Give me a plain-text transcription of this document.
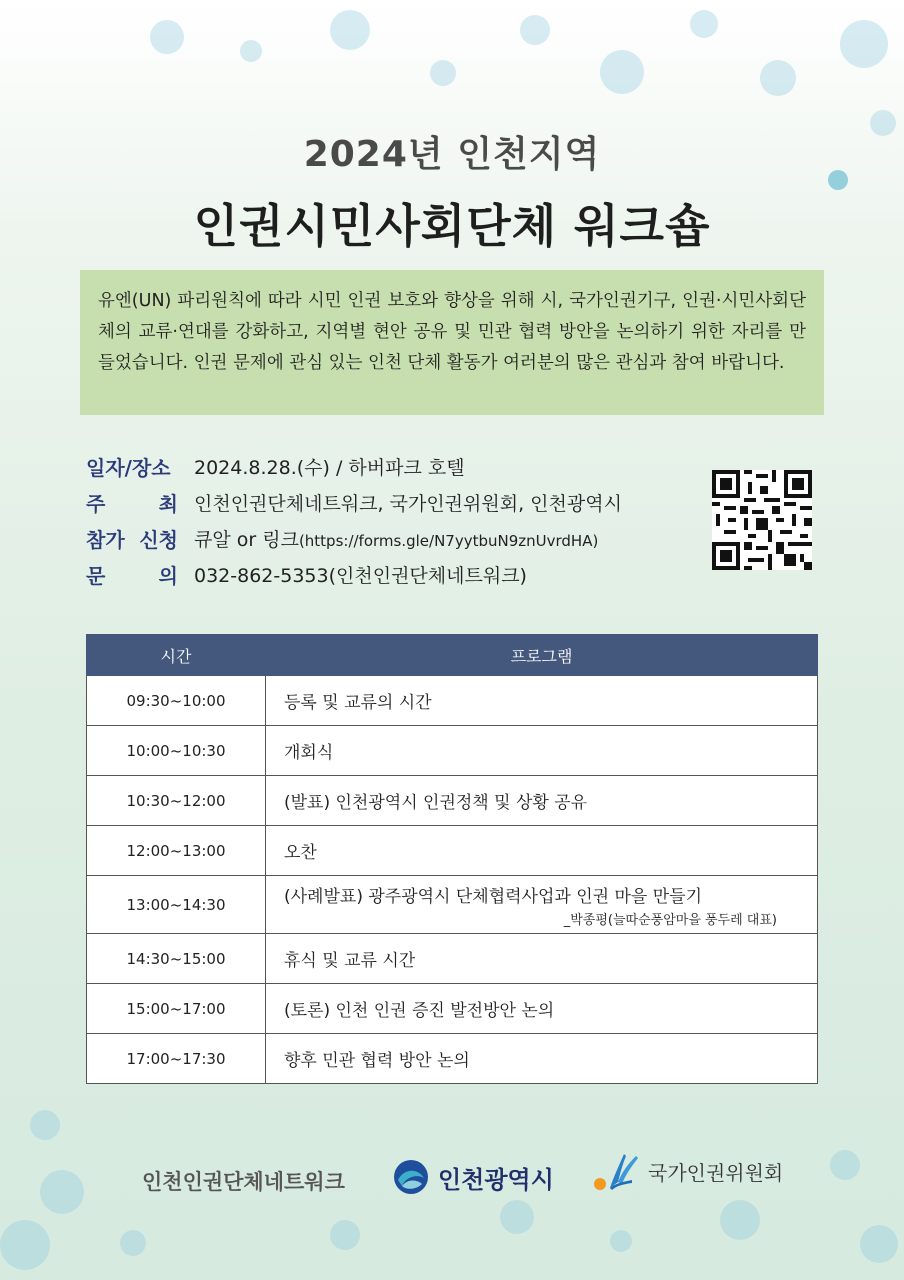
2024년 인천지역
인권시민사회단체 워크숍
유엔(UN) 파리원칙에 따라 시민 인권 보호와 향상을 위해 시, 국가인권기구, 인권·시민사회단체의 교류·연대를 강화하고, 지역별 현안 공유 및 민관 협력 방안을 논의하기 위한 자리를 만들었습니다. 인권 문제에 관심 있는 인천 단체 활동가 여러분의 많은 관심과 참여 바랍니다.
일자/장소	2024.8.28.(수) / 하버파크 호텔
주 최 인천인권단체네트워크, 국가인권위원회, 인천광역시
참가 신청 큐알 or 링크(https://forms.gle/N7yytbuN9znUvrdHA)
문 의 032-862-5353(인천인권단체네트워크)
시간	프로그램
09:30~10:00	등록 및 교류의 시간
10:00~10:30	개회식
10:30~12:00	(발표) 인천광역시 인권정책 및 상황 공유
12:00~13:00	오찬
13:00~14:30	(사례발표) 광주광역시 단체협력사업과 인권 마을 만들기
_박종평(늘따순풍암마을 풍두레 대표)

14:30~15:00	휴식 및 교류 시간
15:00~17:00	(토론) 인천 인권 증진 발전방안 논의
17:00~17:30	향후 민관 협력 방안 논의
인천인권단체네트워크	인천광역시	국가인권위원회
